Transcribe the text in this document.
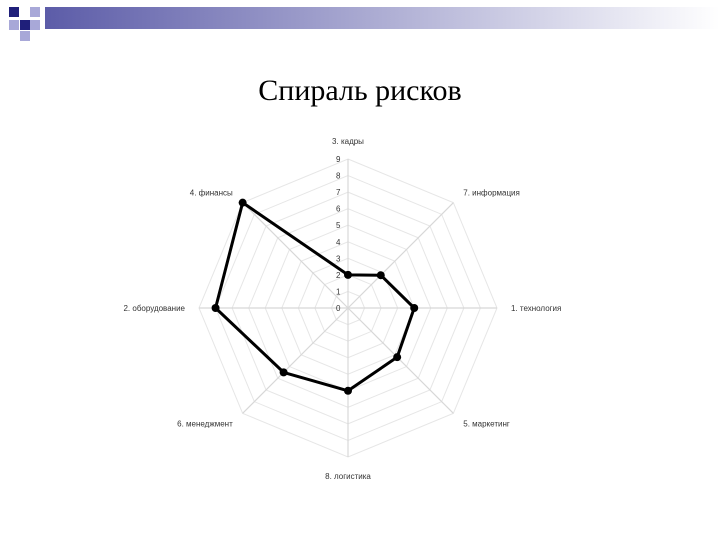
Спираль рисков
0
1
2
3
4
5
6
7
8
9
3. кадры
7. информация
1. технология
5. маркетинг
8. логистика
6. менеджмент
2. оборудование
4. финансы
